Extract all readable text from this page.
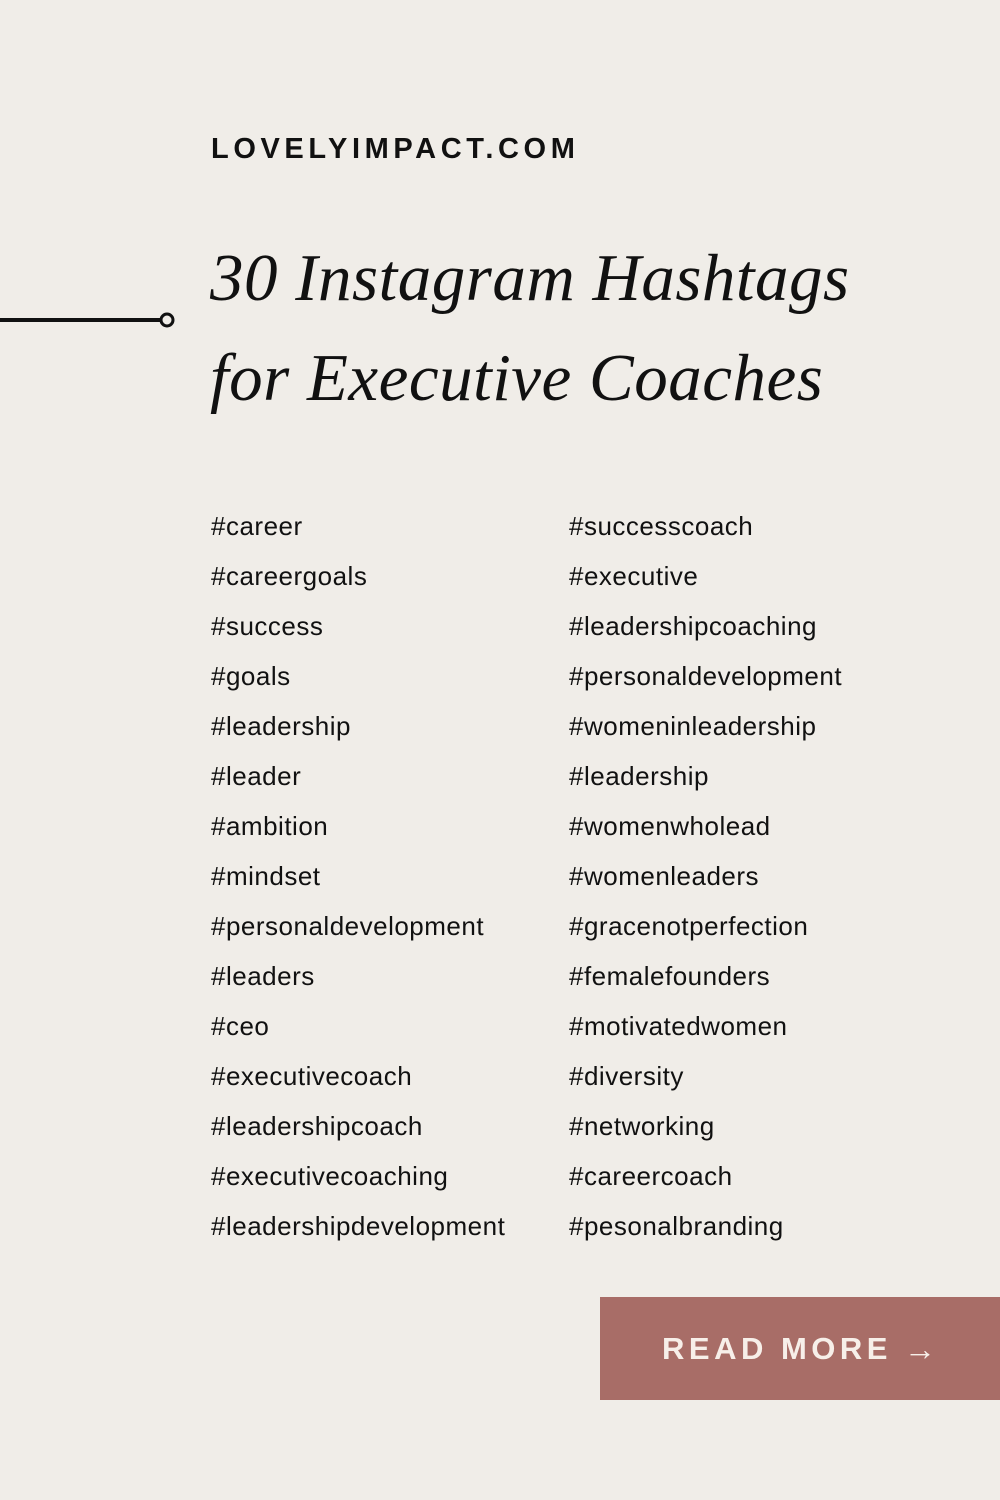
LOVELYIMPACT.COM
30 Instagram Hashtags
for Executive Coaches
#career
#careergoals
#success
#goals
#leadership
#leader
#ambition
#mindset
#personaldevelopment
#leaders
#ceo
#executivecoach
#leadershipcoach
#executivecoaching
#leadershipdevelopment
#successcoach
#executive
#leadershipcoaching
#personaldevelopment
#womeninleadership
#leadership
#womenwholead
#womenleaders
#gracenotperfection
#femalefounders
#motivatedwomen
#diversity
#networking
#careercoach
#pesonalbranding
READ MORE →
